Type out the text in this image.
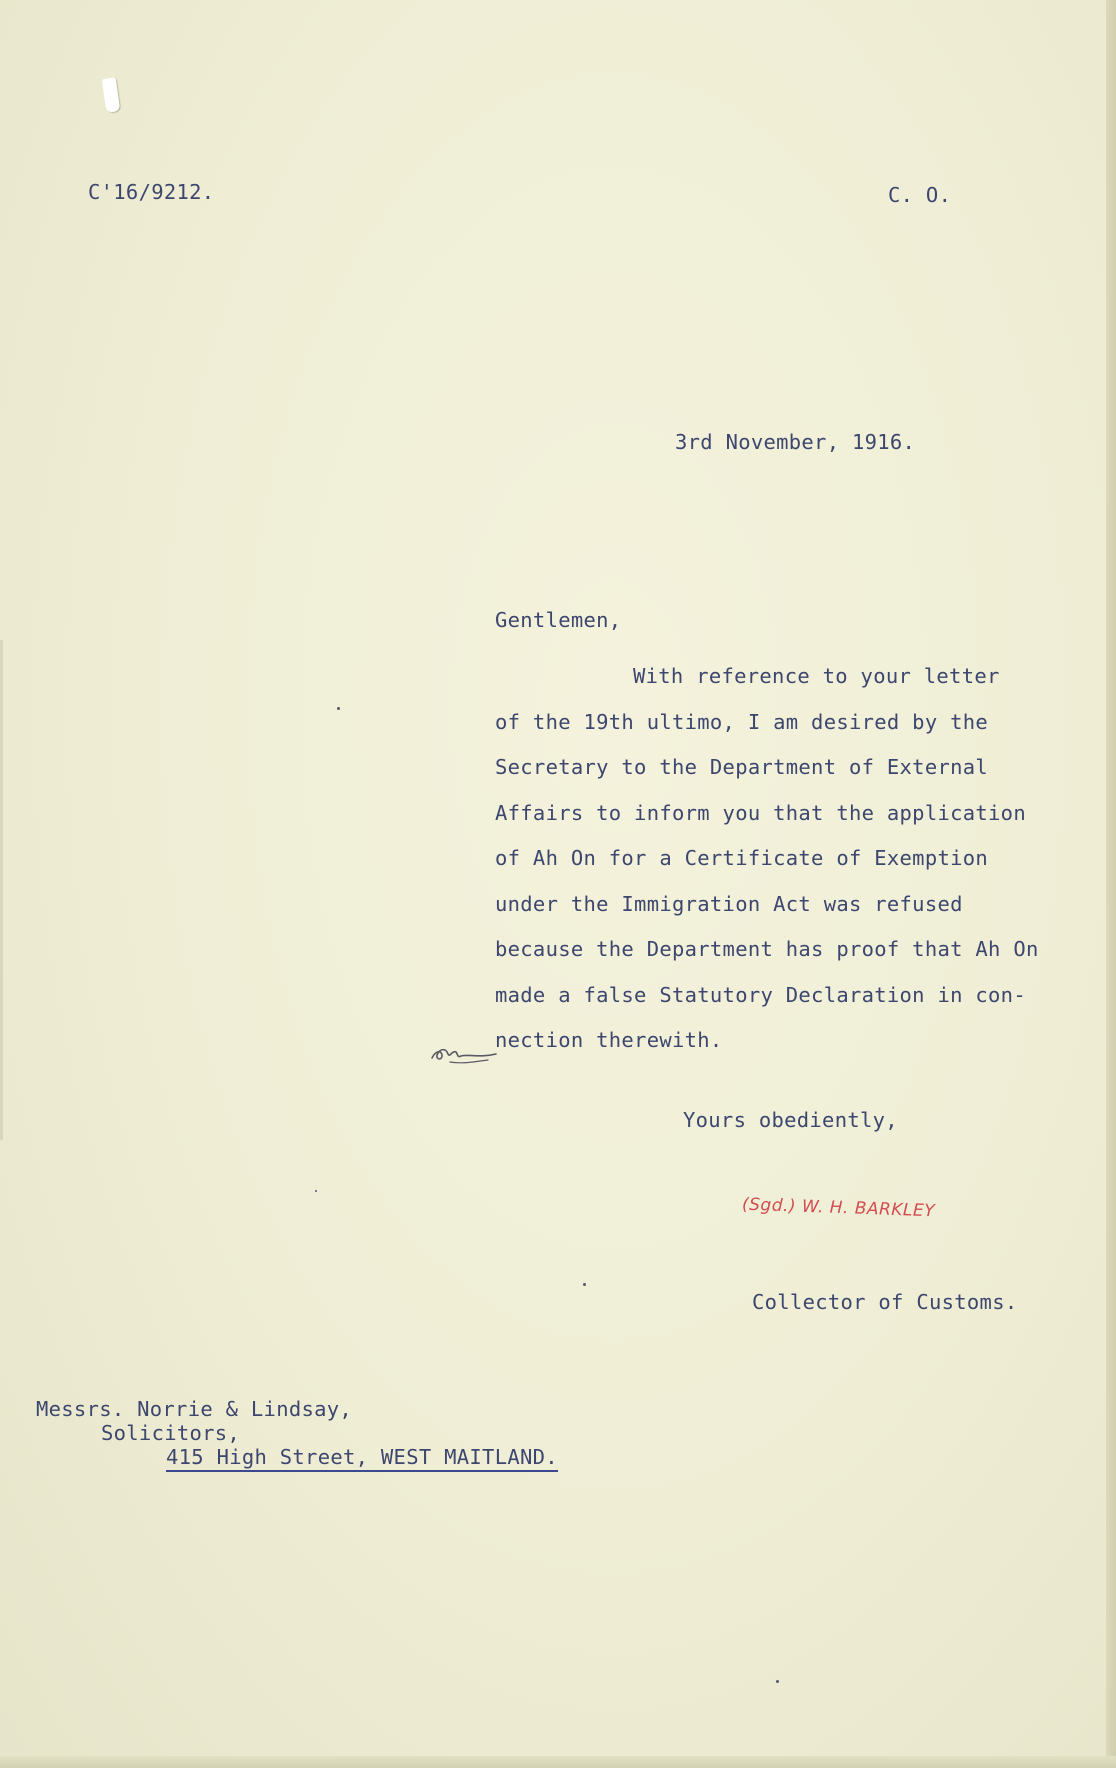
C'16/9212.	C. O.

3rd November, 1916.

Gentlemen,

With reference to your letter
of the 19th ultimo, I am desired by the
Secretary to the Department of External
Affairs to inform you that the application
of Ah On for a Certificate of Exemption
under the Immigration Act was refused
because the Department has proof that Ah On
made a false Statutory Declaration in con-
nection therewith.

Yours obediently,

(Sgd.) W. H. BARKLEY

Collector of Customs.

Messrs. Norrie & Lindsay,

Solicitors,

415 High Street, WEST MAITLAND.
